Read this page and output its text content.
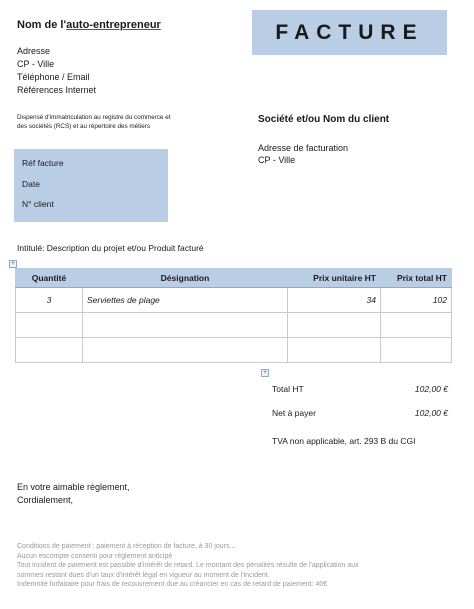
Nom de l'auto-entrepreneur
Adresse
CP - Ville
Téléphone / Email
Références Internet
Dispensé d'immatriculation au registre du commerce et
des sociétés (RCS) et au répertoire des métiers
FACTURE
Société et/ou Nom du client
Adresse de facturation
CP - Ville
Réf facture
Date
N° client
Intitulé: Description du projet et/ou Produit facturé
+
Quantité	Désignation	Prix unitaire HT	Prix total HT
3	Serviettes de plage	34	102

+
Total HT	102,00 €
Net à payer	102,00 €
TVA non applicable, art. 293 B du CGI
En votre aimable règlement,
Cordialement,
Conditions de paiement : paiement à réception de facture, à 30 jours...
Aucun escompte consenti pour règlement anticipé
Tout incident de paiement est passible d'intérêt de retard. Le montant des pénalités résulte de l'application aux
sommes restant dues d'un taux d'intérêt légal en vigueur au moment de l'incident.
Indemnité forfaitaire pour frais de recouvrement due au créancier en cas de retard de paiement: 40€
